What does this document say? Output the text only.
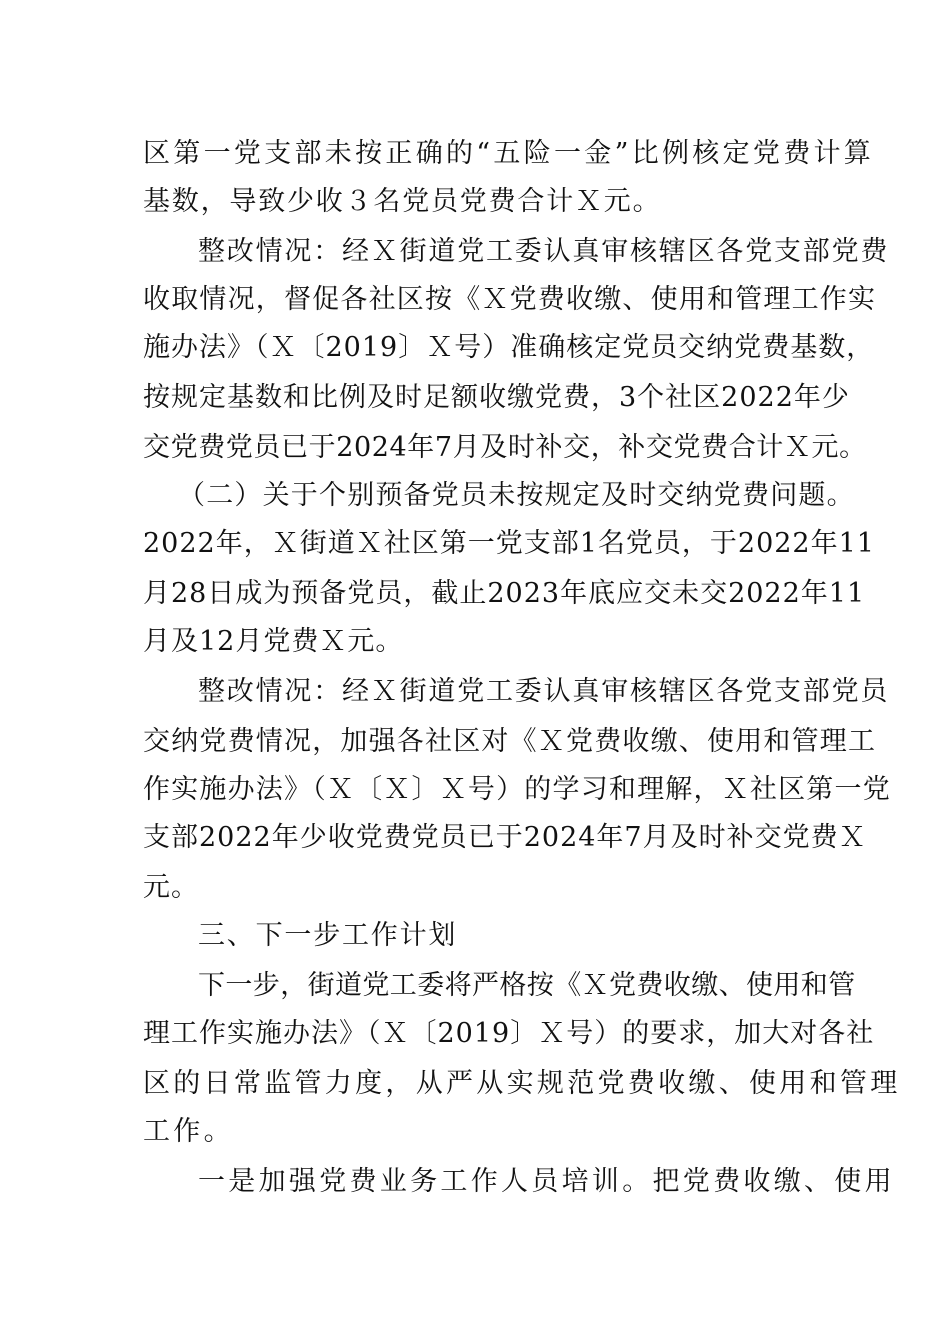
区第一党支部未按正确的“五险一金”比例核定党费计算
基数，导致少收３名党员党费合计Ｘ元。
整改情况：经Ｘ街道党工委认真审核辖区各党支部党费
收取情况，督促各社区按《Ｘ党费收缴、使用和管理工作实
施办法》（Ｘ〔2019〕Ｘ号）准确核定党员交纳党费基数，
按规定基数和比例及时足额收缴党费，3个社区2022年少
交党费党员已于2024年7月及时补交，补交党费合计Ｘ元。
（二）关于个别预备党员未按规定及时交纳党费问题。
2022年，Ｘ街道Ｘ社区第一党支部1名党员，于2022年11
月28日成为预备党员，截止2023年底应交未交2022年11
月及12月党费Ｘ元。
整改情况：经Ｘ街道党工委认真审核辖区各党支部党员
交纳党费情况，加强各社区对《Ｘ党费收缴、使用和管理工
作实施办法》（Ｘ〔Ｘ〕Ｘ号）的学习和理解，Ｘ社区第一党
支部2022年少收党费党员已于2024年7月及时补交党费Ｘ
元。
三、下一步工作计划
下一步，街道党工委将严格按《Ｘ党费收缴、使用和管
理工作实施办法》（Ｘ〔2019〕Ｘ号）的要求，加大对各社
区的日常监管力度，从严从实规范党费收缴、使用和管理
工作。
一是加强党费业务工作人员培训。把党费收缴、使用
